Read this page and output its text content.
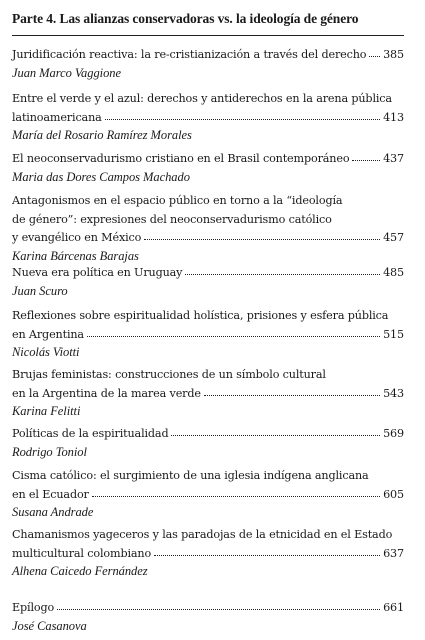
Parte 4. Las alianzas conservadoras vs. la ideología de género
Juridificación reactiva: la re-cristianización a través del derecho 385
Juan Marco Vaggione
Entre el verde y el azul: derechos y antiderechos en la arena pública
latinoamericana	413
María del Rosario Ramírez Morales
El neoconservadurismo cristiano en el Brasil contemporáneo	437
Maria das Dores Campos Machado
Antagonismos en el espacio público en torno a la “ideología
de género”: expresiones del neoconservadurismo católico
y evangélico en México	457
Karina Bárcenas Barajas
Nueva era política en Uruguay	485
Juan Scuro
Reflexiones sobre espiritualidad holística, prisiones y esfera pública
en Argentina	515
Nicolás Viotti
Brujas feministas: construcciones de un símbolo cultural
en la Argentina de la marea verde	543
Karina Felitti
Políticas de la espiritualidad	569
Rodrigo Toniol
Cisma católico: el surgimiento de una iglesia indígena anglicana
en el Ecuador	605
Susana Andrade
Chamanismos yageceros y las paradojas de la etnicidad en el Estado
multicultural colombiano	637
Alhena Caicedo Fernández
Epílogo	661
José Casanova
